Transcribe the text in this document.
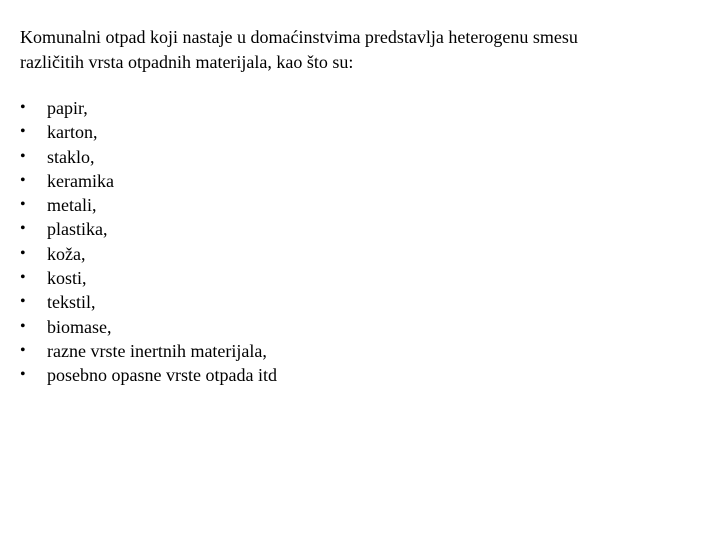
Komunalni otpad koji nastaje u domaćinstvima predstavlja heterogenu smesu
različitih vrsta otpadnih materijala, kao što su:

• papir,
• karton,
• staklo,
• keramika
• metali,
• plastika,
• koža,
• kosti,
• tekstil,
• biomase,
• razne vrste inertnih materijala,
• posebno opasne vrste otpada itd
